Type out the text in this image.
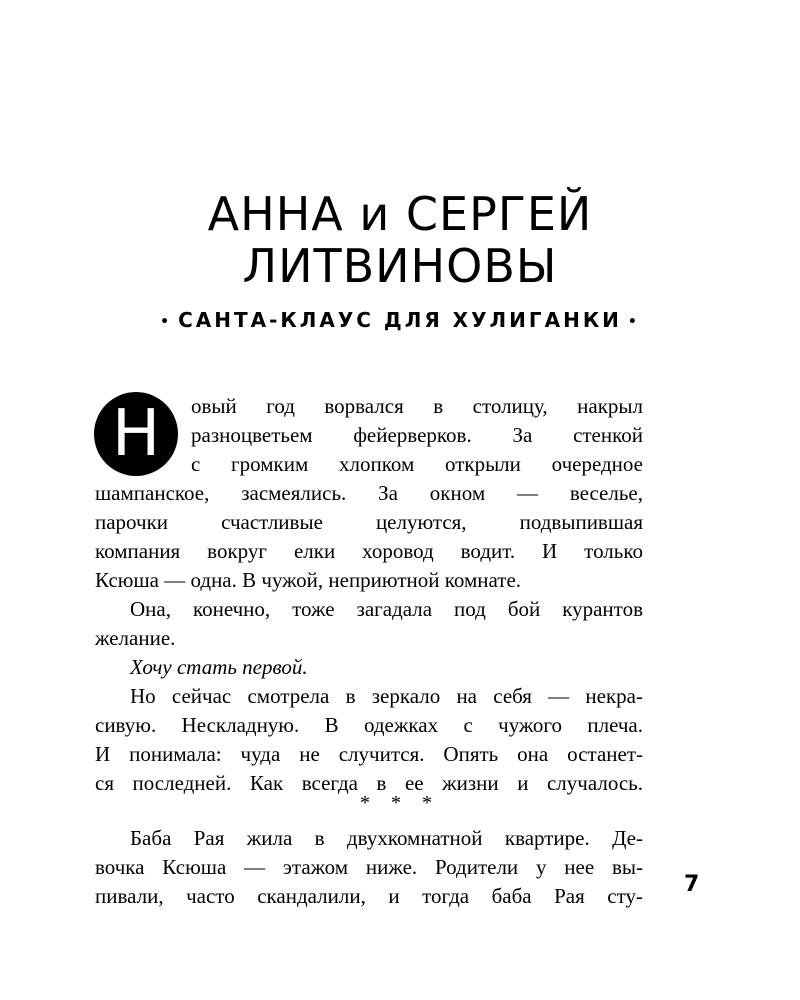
АННА и СЕРГЕЙ
ЛИТВИНОВЫ
• САНТА-КЛАУС ДЛЯ ХУЛИГАНКИ •
Н	овый год ворвался в столицу, накрыл
разноцветьем фейерверков. За стенкой
с громким хлопком открыли очередное
шампанское, засмеялись. За окном — веселье,
парочки счастливые целуются, подвыпившая
компания вокруг елки хоровод водит. И только
Ксюша — одна. В чужой, неприютной комнате.
Она, конечно, тоже загадала под бой курантов
желание.
Хочу стать первой.
Но сейчас смотрела в зеркало на себя — некра-
сивую. Нескладную. В одежках с чужого плеча.
И понимала: чуда не случится. Опять она останет-
ся последней. Как всегда в ее жизни и случалось.
* * *
Баба Рая жила в двухкомнатной квартире. Де-
вочка Ксюша — этажом ниже. Родители у нее вы-
пивали, часто скандалили, и тогда баба Рая сту- 7
